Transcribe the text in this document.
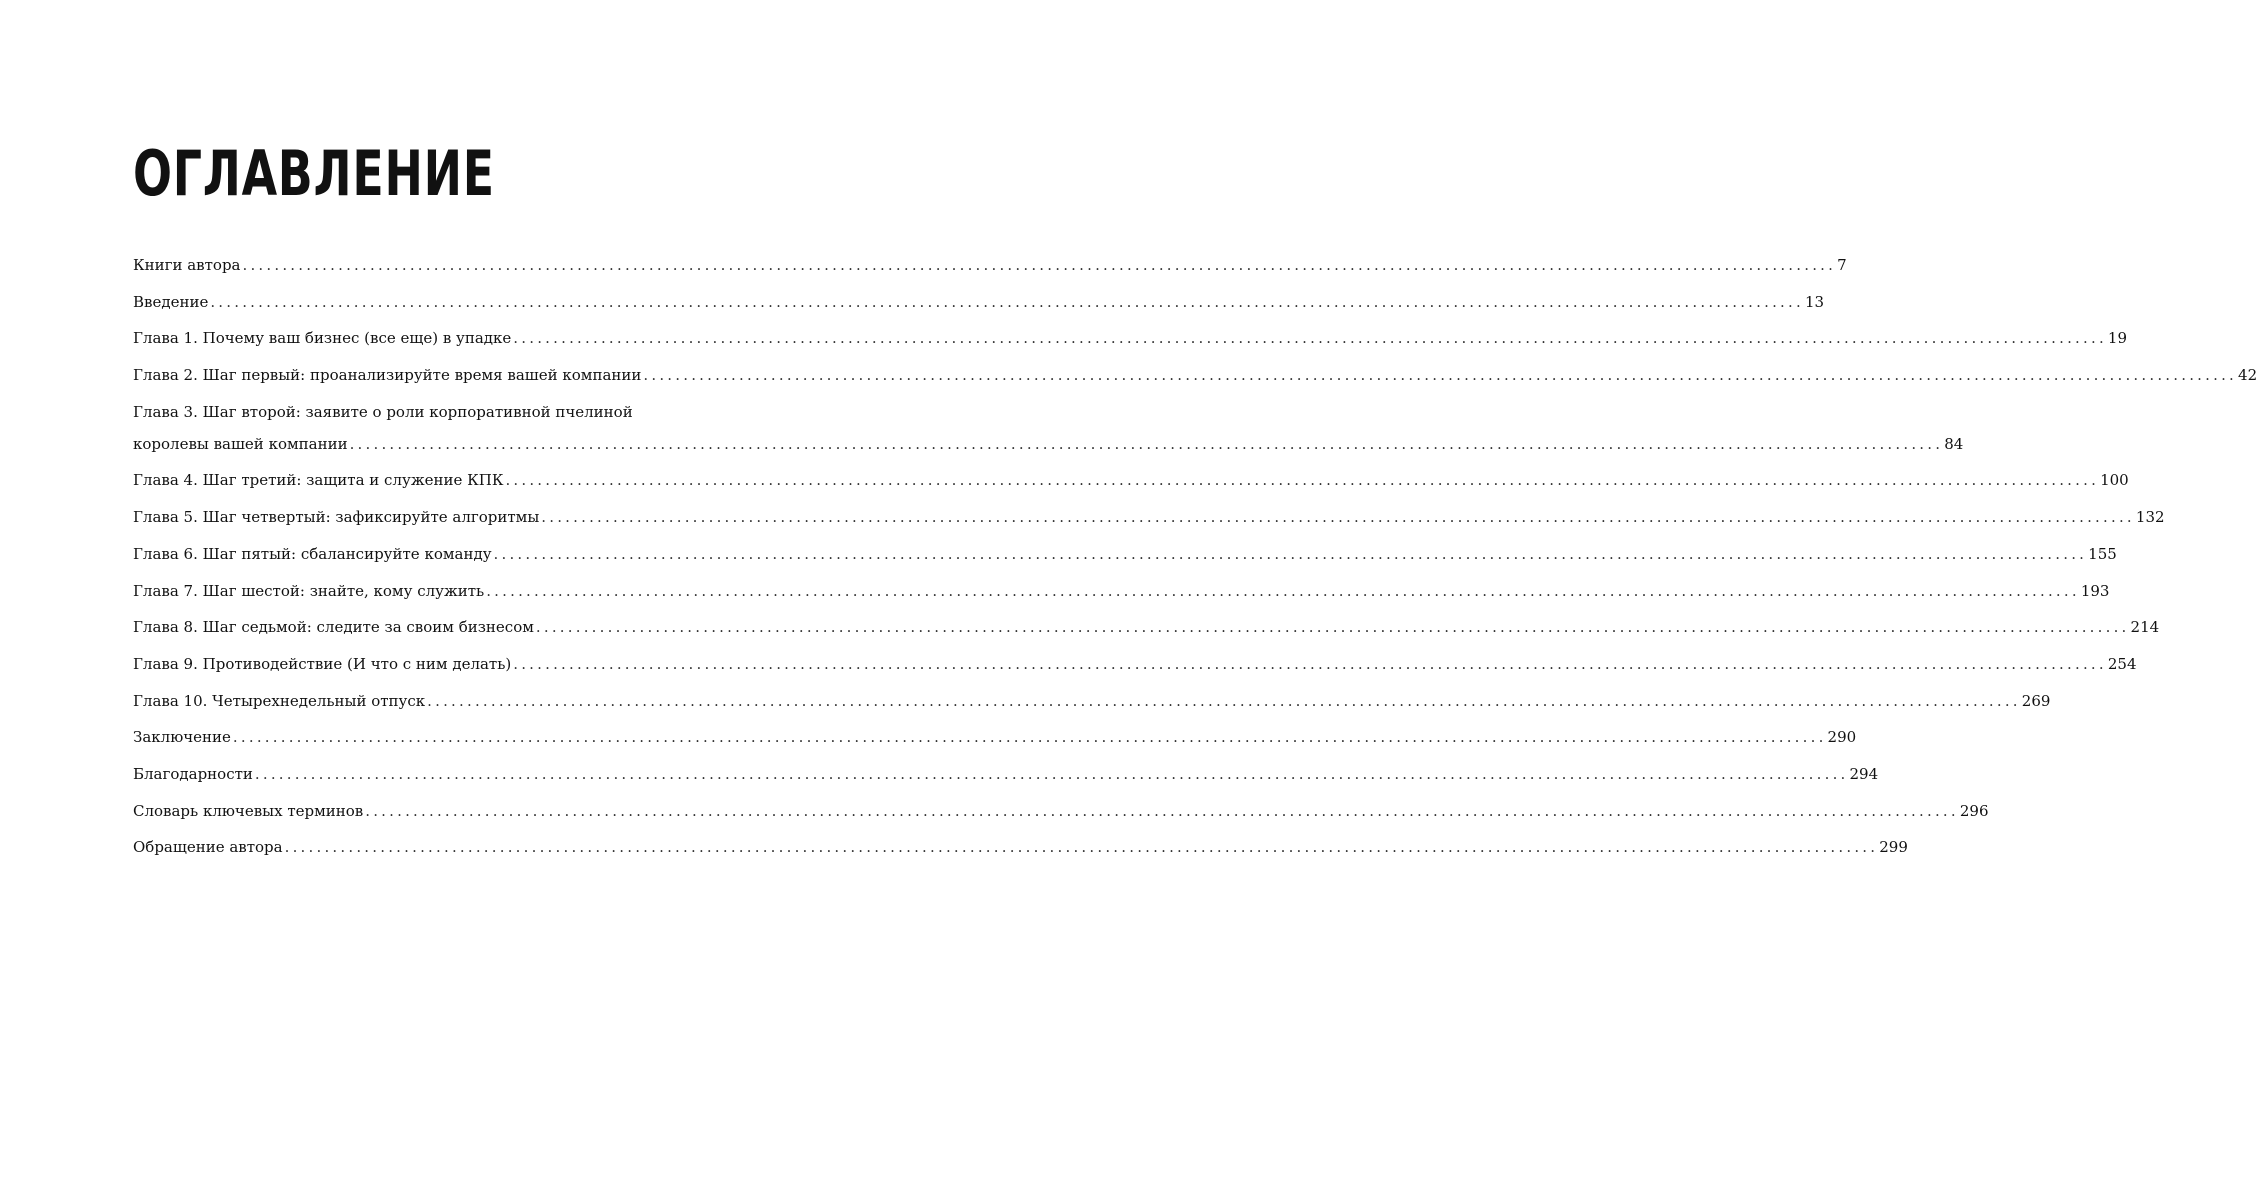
ОГЛАВЛЕНИЕ
Книги автора ........................................................................................................................................................................................................ 7
Введение ........................................................................................................................................................................................................ 13
Глава 1. Почему ваш бизнес (все еще) в упадке ........................................................................................................................................................................................................ 19
Глава 2. Шаг первый: проанализируйте время вашей компании ........................................................................................................................................................................................................ 42
Глава 3. Шаг второй: заявите о роли корпоративной пчелиной
королевы вашей компании ........................................................................................................................................................................................................ 84
Глава 4. Шаг третий: защита и служение КПК ........................................................................................................................................................................................................ 100
Глава 5. Шаг четвертый: зафиксируйте алгоритмы ........................................................................................................................................................................................................ 132
Глава 6. Шаг пятый: сбалансируйте команду ........................................................................................................................................................................................................ 155
Глава 7. Шаг шестой: знайте, кому служить ........................................................................................................................................................................................................ 193
Глава 8. Шаг седьмой: следите за своим бизнесом ........................................................................................................................................................................................................ 214
Глава 9. Противодействие (И что с ним делать) ........................................................................................................................................................................................................ 254
Глава 10. Четырехнедельный отпуск ........................................................................................................................................................................................................ 269
Заключение ........................................................................................................................................................................................................ 290
Благодарности ........................................................................................................................................................................................................ 294
Словарь ключевых терминов ........................................................................................................................................................................................................ 296
Обращение автора ........................................................................................................................................................................................................ 299
